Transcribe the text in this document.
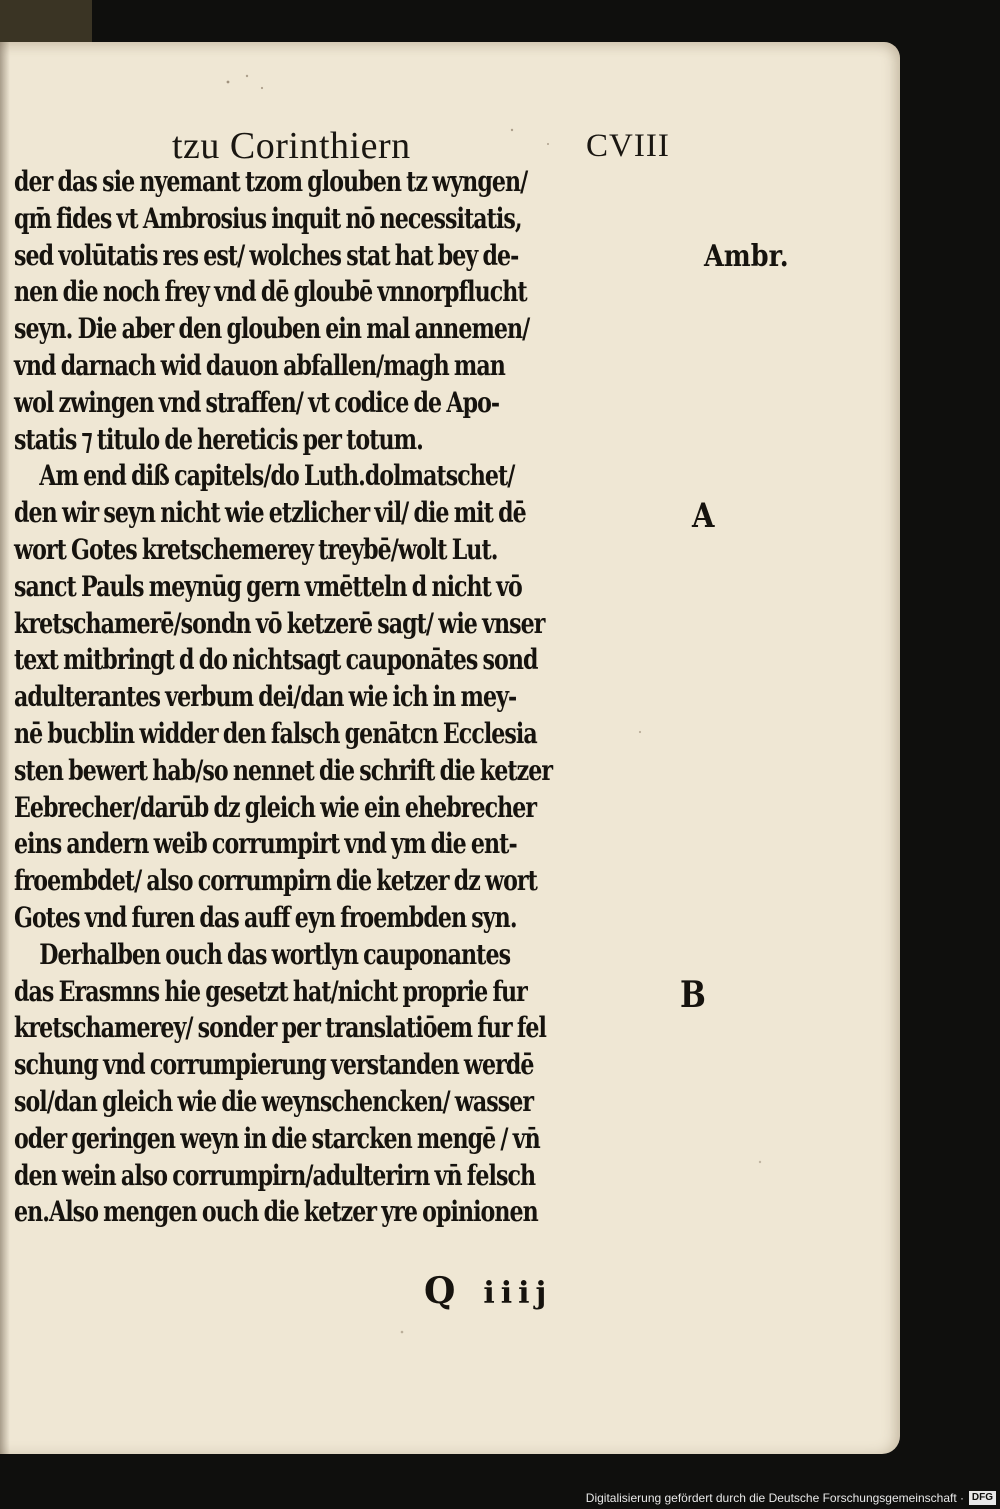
tzu Corinthiern	CVIII
der das sie nyemant tzom glouben tz wyngen/
qm̄ fides vt Ambrosius inquit nō necessitatis,
sed volūtatis res est/ wolches stat hat bey de-
nen die noch frey vnd dē gloubē vnnorpflucht
seyn. Die aber den glouben ein mal annemen/
vnd darnach wid dauon abfallen/magh man
wol zwingen vnd straffen/ vt codice de Apo-
statis ⁊ titulo de hereticis per totum.
Am end diß capitels/do Luth.dolmatschet/
den wir seyn nicht wie etzlicher vil/ die mit dē
wort Gotes kretschemerey treybē/wolt Lut.
sanct Pauls meynūg gern vmētteln d nicht vō
kretschamerē/sondn vō ketzerē sagt/ wie vnser
text mitbringt d do nichtsagt cauponātes sond
adulterantes verbum dei/dan wie ich in mey-
nē bucblin widder den falsch genātcn Ecclesia
sten bewert hab/so nennet die schrift die ketzer
Eebrecher/darūb dz gleich wie ein ehebrecher
eins andern weib corrumpirt vnd ym die ent-
froembdet/ also corrumpirn die ketzer dz wort
Gotes vnd furen das auff eyn froembden syn.
Derhalben ouch das wortlyn cauponantes
das Erasmns hie gesetzt hat/nicht proprie fur
kretschamerey/ sonder per translatiōem fur fel
schung vnd corrumpierung verstanden werdē
sol/dan gleich wie die weynschencken/ wasser
oder geringen weyn in die starcken mengē / vn̄
den wein also corrumpirn/adulterirn vn̄ felsch
en.Also mengen ouch die ketzer yre opinionen
Ambr.
A
B
Q iiij
Digitalisierung gefördert durch die Deutsche Forschungsgemeinschaft · DFG
